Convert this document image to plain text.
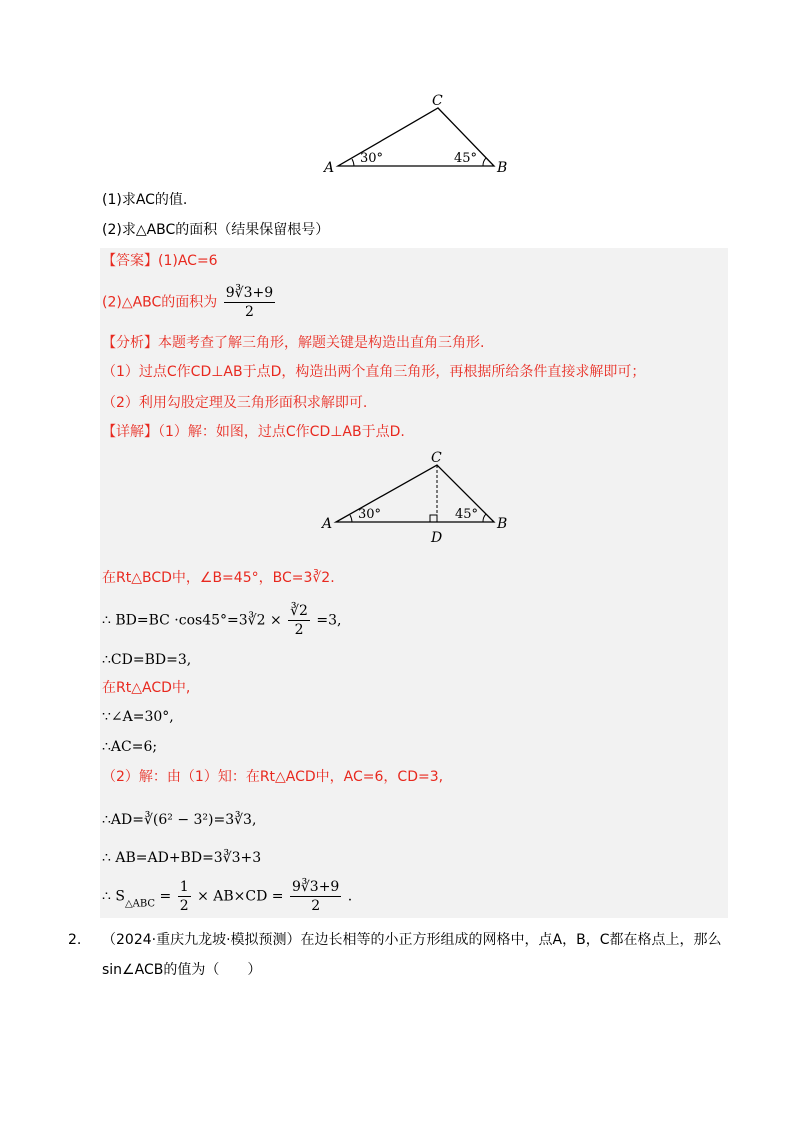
A	B
C
30°	45°
(1)求AC的值.
(2)求△ABC的面积（结果保留根号）
【答案】(1)AC=6
(2)△ABC的面积为 $\frac{9∛3+9}{2}$
【分析】本题考查了解三角形，解题关键是构造出直角三角形.
（1）过点C作CD⊥AB于点D，构造出两个直角三角形，再根据所给条件直接求解即可；
（2）利用勾股定理及三角形面积求解即可.
【详解】（1）解：如图，过点C作CD⊥AB于点D.
A	B
C
D
30°	45°
在Rt△BCD中，∠B=45°，BC=3∛2.
∴ BD=BC ·cos45°=3∛2 × $\frac{∛2}{2} =3$,
∴CD=BD=3,
在Rt△ACD中,
∵∠A=30°,
∴AC=6;
（2）解：由（1）知：在Rt△ACD中，AC=6，CD=3,
∴AD=∛(6² − 3²)=3∛3,
∴ AB=AD+BD=3∛3+3
∴ $S_{\triangle ABC} = \frac{1}{2} \times AB\times CD = \frac{9∛3+9}{2}$ .
2. （2024·重庆九龙坡·模拟预测）在边长相等的小正方形组成的网格中，点A，B，C都在格点上，那么
sin∠ACB的值为（　　）
